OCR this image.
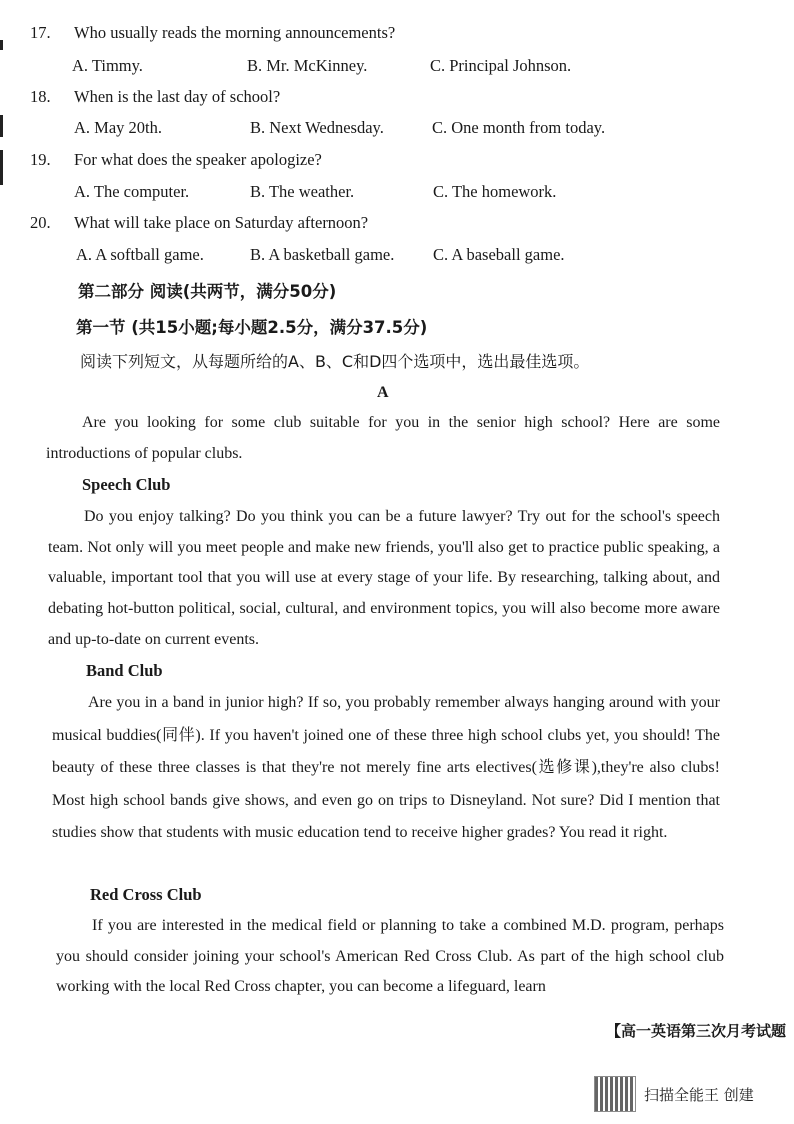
17. Who usually reads the morning announcements?
A. Timmy.	B. Mr. McKinney.	C. Principal Johnson.
18. When is the last day of school?
A. May 20th.	B. Next Wednesday.	C. One month from today.
19. For what does the speaker apologize?
A. The computer.	B. The weather.	C. The homework.
20. What will take place on Saturday afternoon?
A. A softball game.	B. A basketball game. C. A baseball game.
第二部分 阅读(共两节，满分50分)
第一节 (共15小题;每小题2.5分，满分37.5分)
阅读下列短文，从每题所给的A、B、C和D四个选项中，选出最佳选项。
A

Are you looking for some club suitable for you in the senior high school? Here are some introductions of popular clubs.

Speech Club

Do you enjoy talking? Do you think you can be a future lawyer? Try out for the school's speech team. Not only will you meet people and make new friends, you'll also get to practice public speaking, a valuable, important tool that you will use at every stage of your life. By researching, talking about, and debating hot-button political, social, cultural, and environment topics, you will also become more aware and up-to-date on current events.

Band Club

Are you in a band in junior high? If so, you probably remember always hanging around with your musical buddies(同伴). If you haven't joined one of these three high school clubs yet, you should! The beauty of these three classes is that they're not merely fine arts electives(选修课),they're also clubs! Most high school bands give shows, and even go on trips to Disneyland. Not sure? Did I mention that studies show that students with music education tend to receive higher grades? You read it right.

Red Cross Club

If you are interested in the medical field or planning to take a combined M.D. program, perhaps you should consider joining your school's American Red Cross Club. As part of the high school club working with the local Red Cross chapter, you can become a lifeguard, learn

【高一英语第三次月考试题
扫描全能王 创建
